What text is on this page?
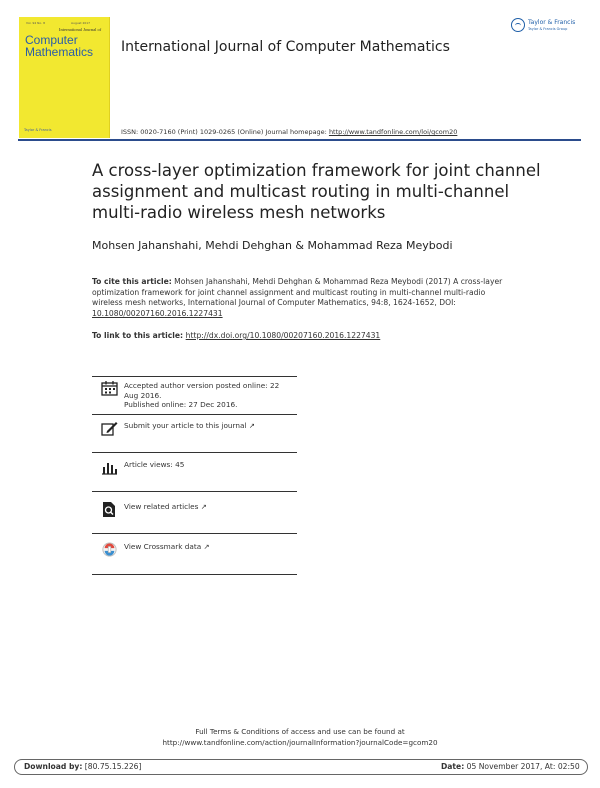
Vol. 94 No. 8	August 2017
International Journal of
Computer Mathematics
Taylor & Francis
International Journal of Computer Mathematics
Taylor & Francis
Taylor & Francis Group
ISSN: 0020-7160 (Print) 1029-0265 (Online) Journal homepage: http://www.tandfonline.com/loi/gcom20
A cross-layer optimization framework for joint channel assignment and multicast routing in multi-channel multi-radio wireless mesh networks
Mohsen Jahanshahi, Mehdi Dehghan & Mohammad Reza Meybodi
To cite this article: Mohsen Jahanshahi, Mehdi Dehghan & Mohammad Reza Meybodi (2017) A cross-layer optimization framework for joint channel assignment and multicast routing in multi-channel multi-radio wireless mesh networks, International Journal of Computer Mathematics, 94:8, 1624-1652, DOI: 10.1080/00207160.2016.1227431
To link to this article: http://dx.doi.org/10.1080/00207160.2016.1227431
Accepted author version posted online: 22 Aug 2016.
Published online: 27 Dec 2016.
Submit your article to this journal ↗
Article views: 45
View related articles ↗
View Crossmark data ↗
Full Terms & Conditions of access and use can be found at
http://www.tandfonline.com/action/journalInformation?journalCode=gcom20
Download by: [80.75.15.226]	Date: 05 November 2017, At: 02:50
